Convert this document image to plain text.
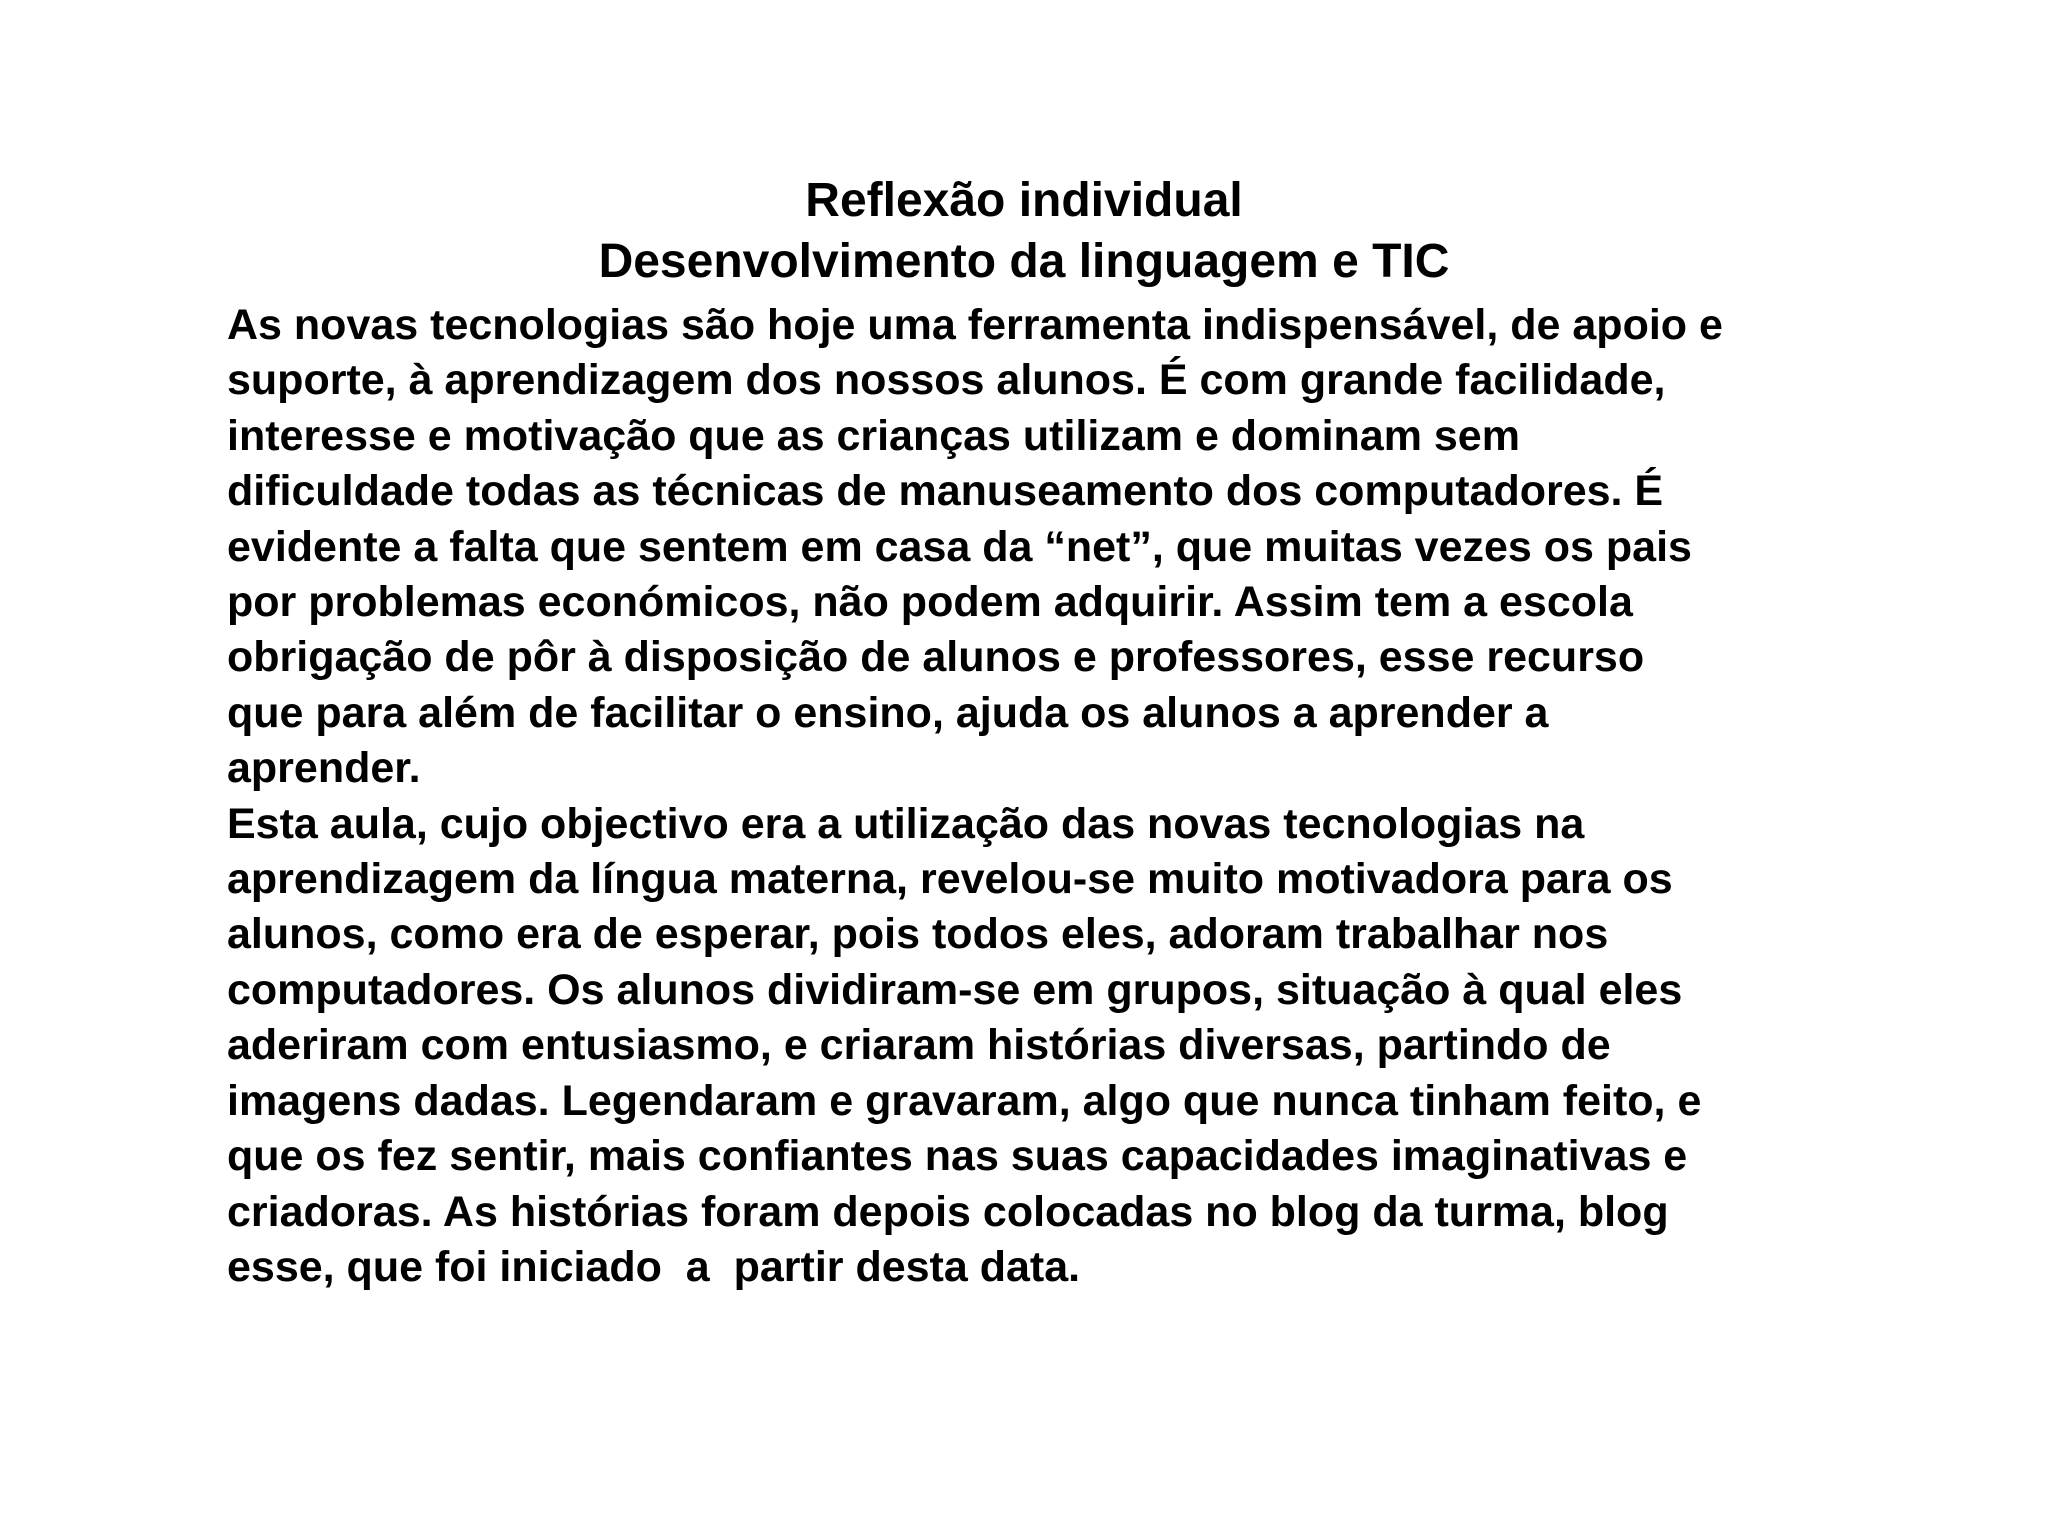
Reflexão individual
Desenvolvimento da linguagem e TIC
As novas tecnologias são hoje uma ferramenta indispensável, de apoio e
suporte, à aprendizagem dos nossos alunos. É com grande facilidade,
interesse e motivação que as crianças utilizam e dominam sem
dificuldade todas as técnicas de manuseamento dos computadores. É
evidente a falta que sentem em casa da “net”, que muitas vezes os pais
por problemas económicos, não podem adquirir. Assim tem a escola
obrigação de pôr à disposição de alunos e professores, esse recurso
que para além de facilitar o ensino, ajuda os alunos a aprender a
aprender.
Esta aula, cujo objectivo era a utilização das novas tecnologias na
aprendizagem da língua materna, revelou-se muito motivadora para os
alunos, como era de esperar, pois todos eles, adoram trabalhar nos
computadores. Os alunos dividiram-se em grupos, situação à qual eles
aderiram com entusiasmo, e criaram histórias diversas, partindo de
imagens dadas. Legendaram e gravaram, algo que nunca tinham feito, e
que os fez sentir, mais confiantes nas suas capacidades imaginativas e
criadoras. As histórias foram depois colocadas no blog da turma, blog
esse, que foi iniciado  a  partir desta data.
